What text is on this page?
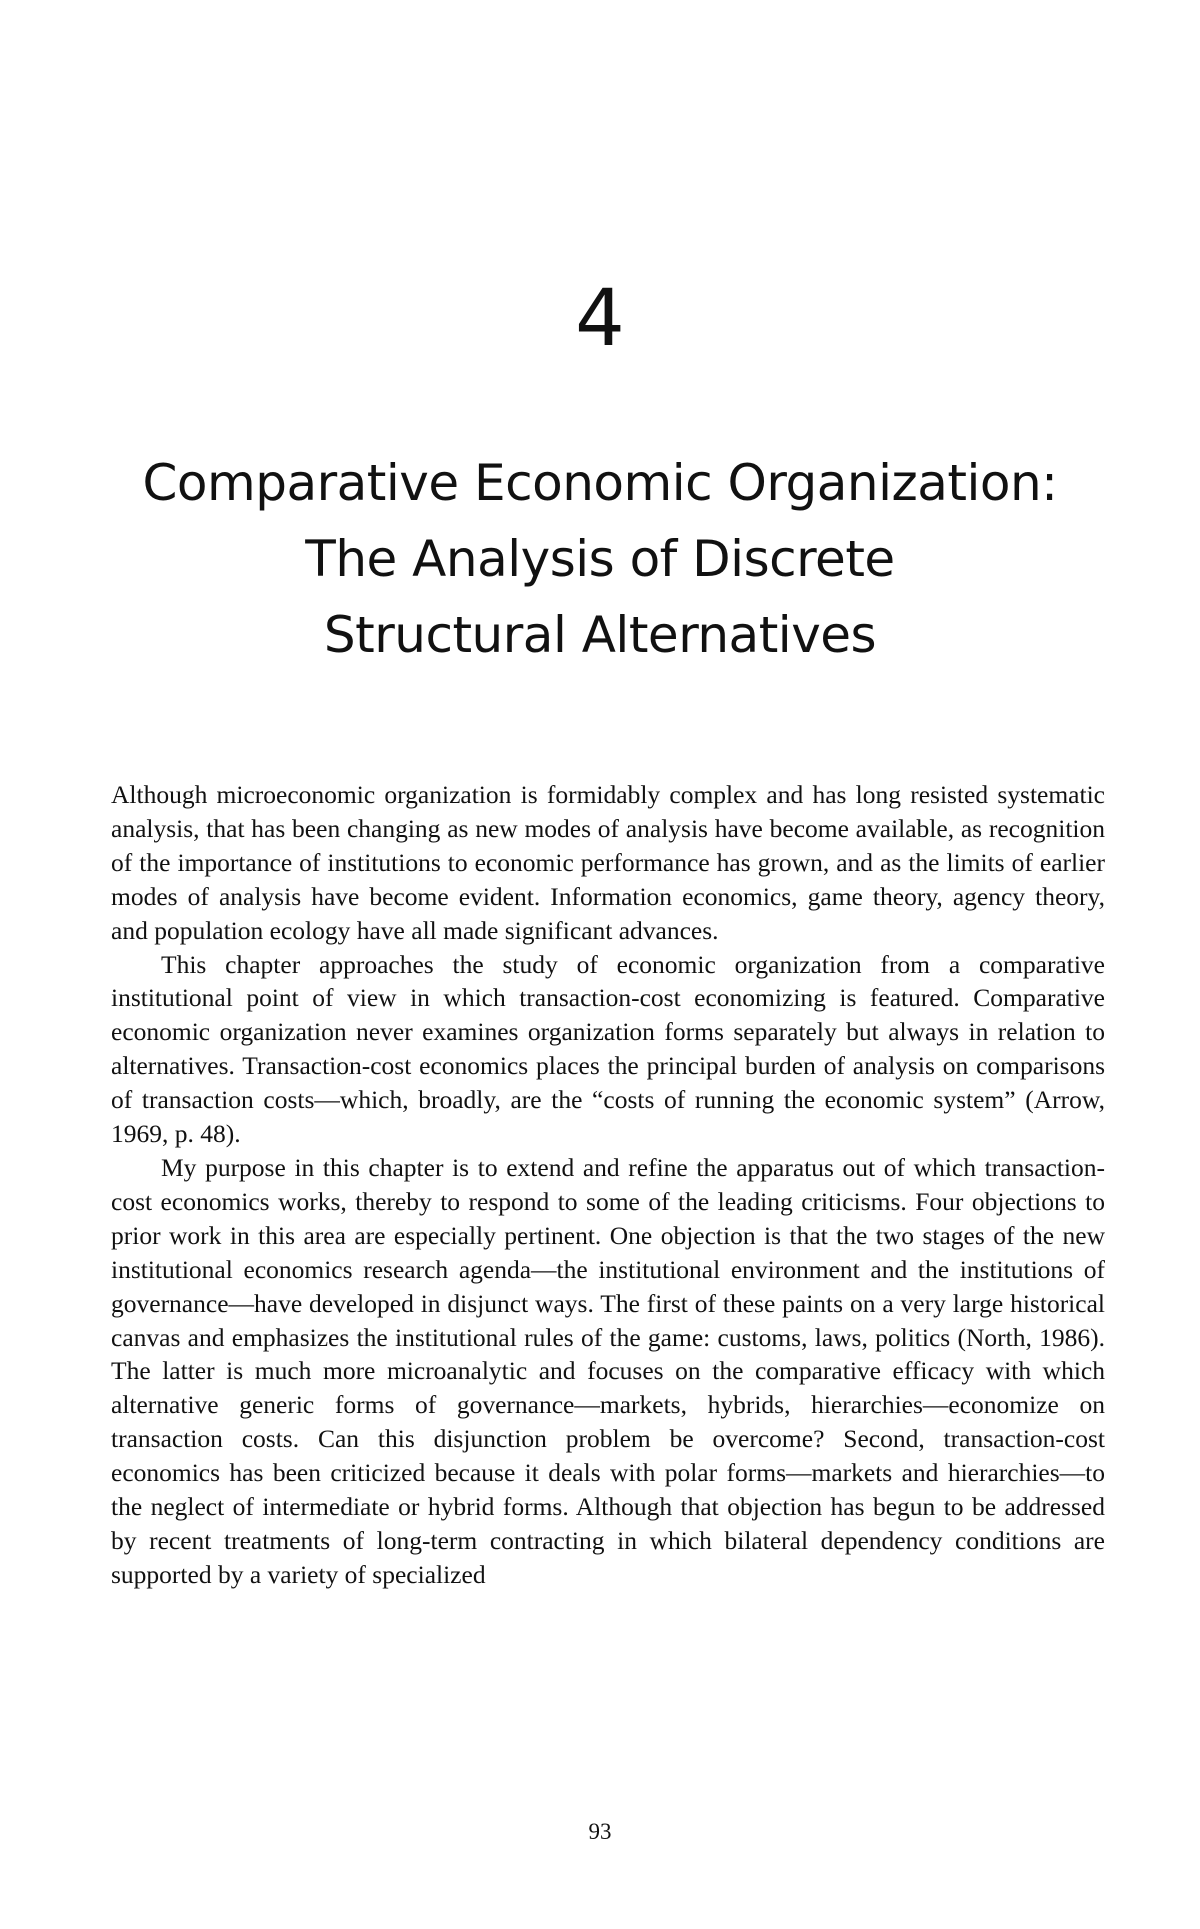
4
Comparative Economic Organization:
The Analysis of Discrete
Structural Alternatives

Although microeconomic organization is formidably complex and has long resisted systematic analysis, that has been changing as new modes of analysis have become available, as recognition of the importance of institutions to economic performance has grown, and as the limits of earlier modes of analysis have become evident. Information economics, game theory, agency theory, and population ecology have all made significant advances.

This chapter approaches the study of economic organization from a comparative institutional point of view in which transaction-cost economizing is featured. Comparative economic organization never examines organization forms separately but always in relation to alternatives. Transaction-cost economics places the principal burden of analysis on comparisons of transaction costs—which, broadly, are the “costs of running the economic system” (Arrow, 1969, p. 48).

My purpose in this chapter is to extend and refine the apparatus out of which transaction-cost economics works, thereby to respond to some of the leading criticisms. Four objections to prior work in this area are especially pertinent. One objection is that the two stages of the new institutional economics research agenda—the institutional environment and the institutions of governance—have developed in disjunct ways. The first of these paints on a very large historical canvas and emphasizes the institutional rules of the game: customs, laws, politics (North, 1986). The latter is much more microanalytic and focuses on the comparative efficacy with which alternative generic forms of governance—markets, hybrids, hierarchies—economize on transaction costs. Can this disjunction problem be overcome? Second, transaction-cost economics has been criticized because it deals with polar forms—markets and hierarchies—to the neglect of intermediate or hybrid forms. Although that objection has begun to be addressed by recent treatments of long-term contracting in which bilateral dependency conditions are supported by a variety of specialized

93
